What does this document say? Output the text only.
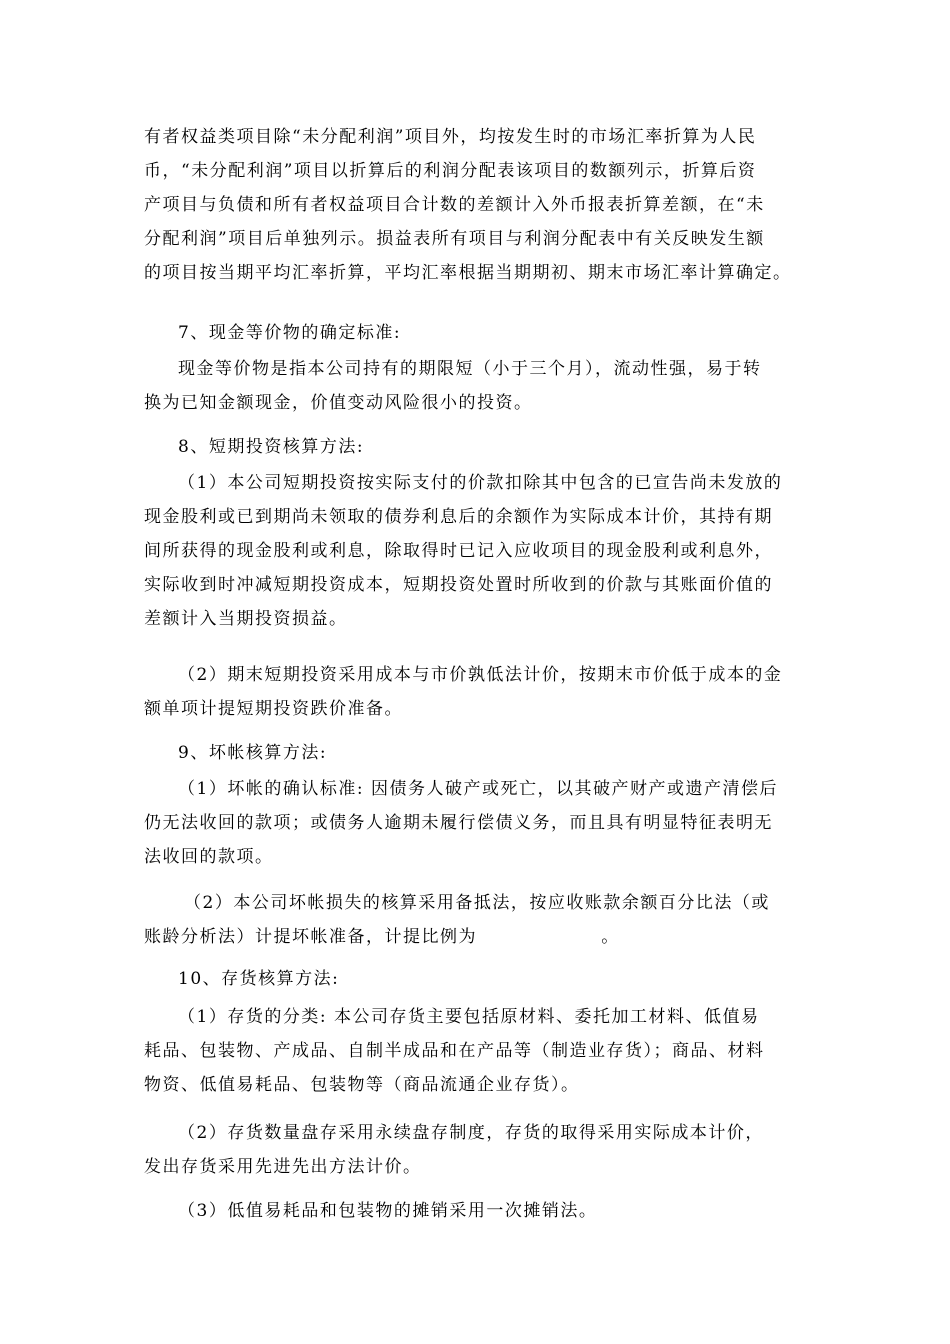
有者权益类项目除“未分配利润”项目外，均按发生时的市场汇率折算为人民
币，“未分配利润”项目以折算后的利润分配表该项目的数额列示，折算后资
产项目与负债和所有者权益项目合计数的差额计入外币报表折算差额，在“未
分配利润”项目后单独列示。损益表所有项目与利润分配表中有关反映发生额
的项目按当期平均汇率折算，平均汇率根据当期期初、期末市场汇率计算确定。

7、现金等价物的确定标准:

现金等价物是指本公司持有的期限短（小于三个月），流动性强，易于转
换为已知金额现金，价值变动风险很小的投资。

8、短期投资核算方法:

（1）本公司短期投资按实际支付的价款扣除其中包含的已宣告尚未发放的
现金股利或已到期尚未领取的债券利息后的余额作为实际成本计价，其持有期
间所获得的现金股利或利息，除取得时已记入应收项目的现金股利或利息外，
实际收到时冲减短期投资成本，短期投资处置时所收到的价款与其账面价值的
差额计入当期投资损益。

（2）期末短期投资采用成本与市价孰低法计价，按期末市价低于成本的金
额单项计提短期投资跌价准备。

9、坏帐核算方法:

（1）坏帐的确认标准: 因债务人破产或死亡，以其破产财产或遗产清偿后
仍无法收回的款项；或债务人逾期未履行偿债义务，而且具有明显特征表明无
法收回的款项。

（2）本公司坏帐损失的核算采用备抵法，按应收账款余额百分比法（或
账龄分析法）计提坏帐准备，计提比例为                  。

10、存货核算方法:

（1）存货的分类: 本公司存货主要包括原材料、委托加工材料、低值易
耗品、包装物、产成品、自制半成品和在产品等（制造业存货）；商品、材料
物资、低值易耗品、包装物等（商品流通企业存货）。

（2）存货数量盘存采用永续盘存制度，存货的取得采用实际成本计价，
发出存货采用先进先出方法计价。

（3）低值易耗品和包装物的摊销采用一次摊销法。
